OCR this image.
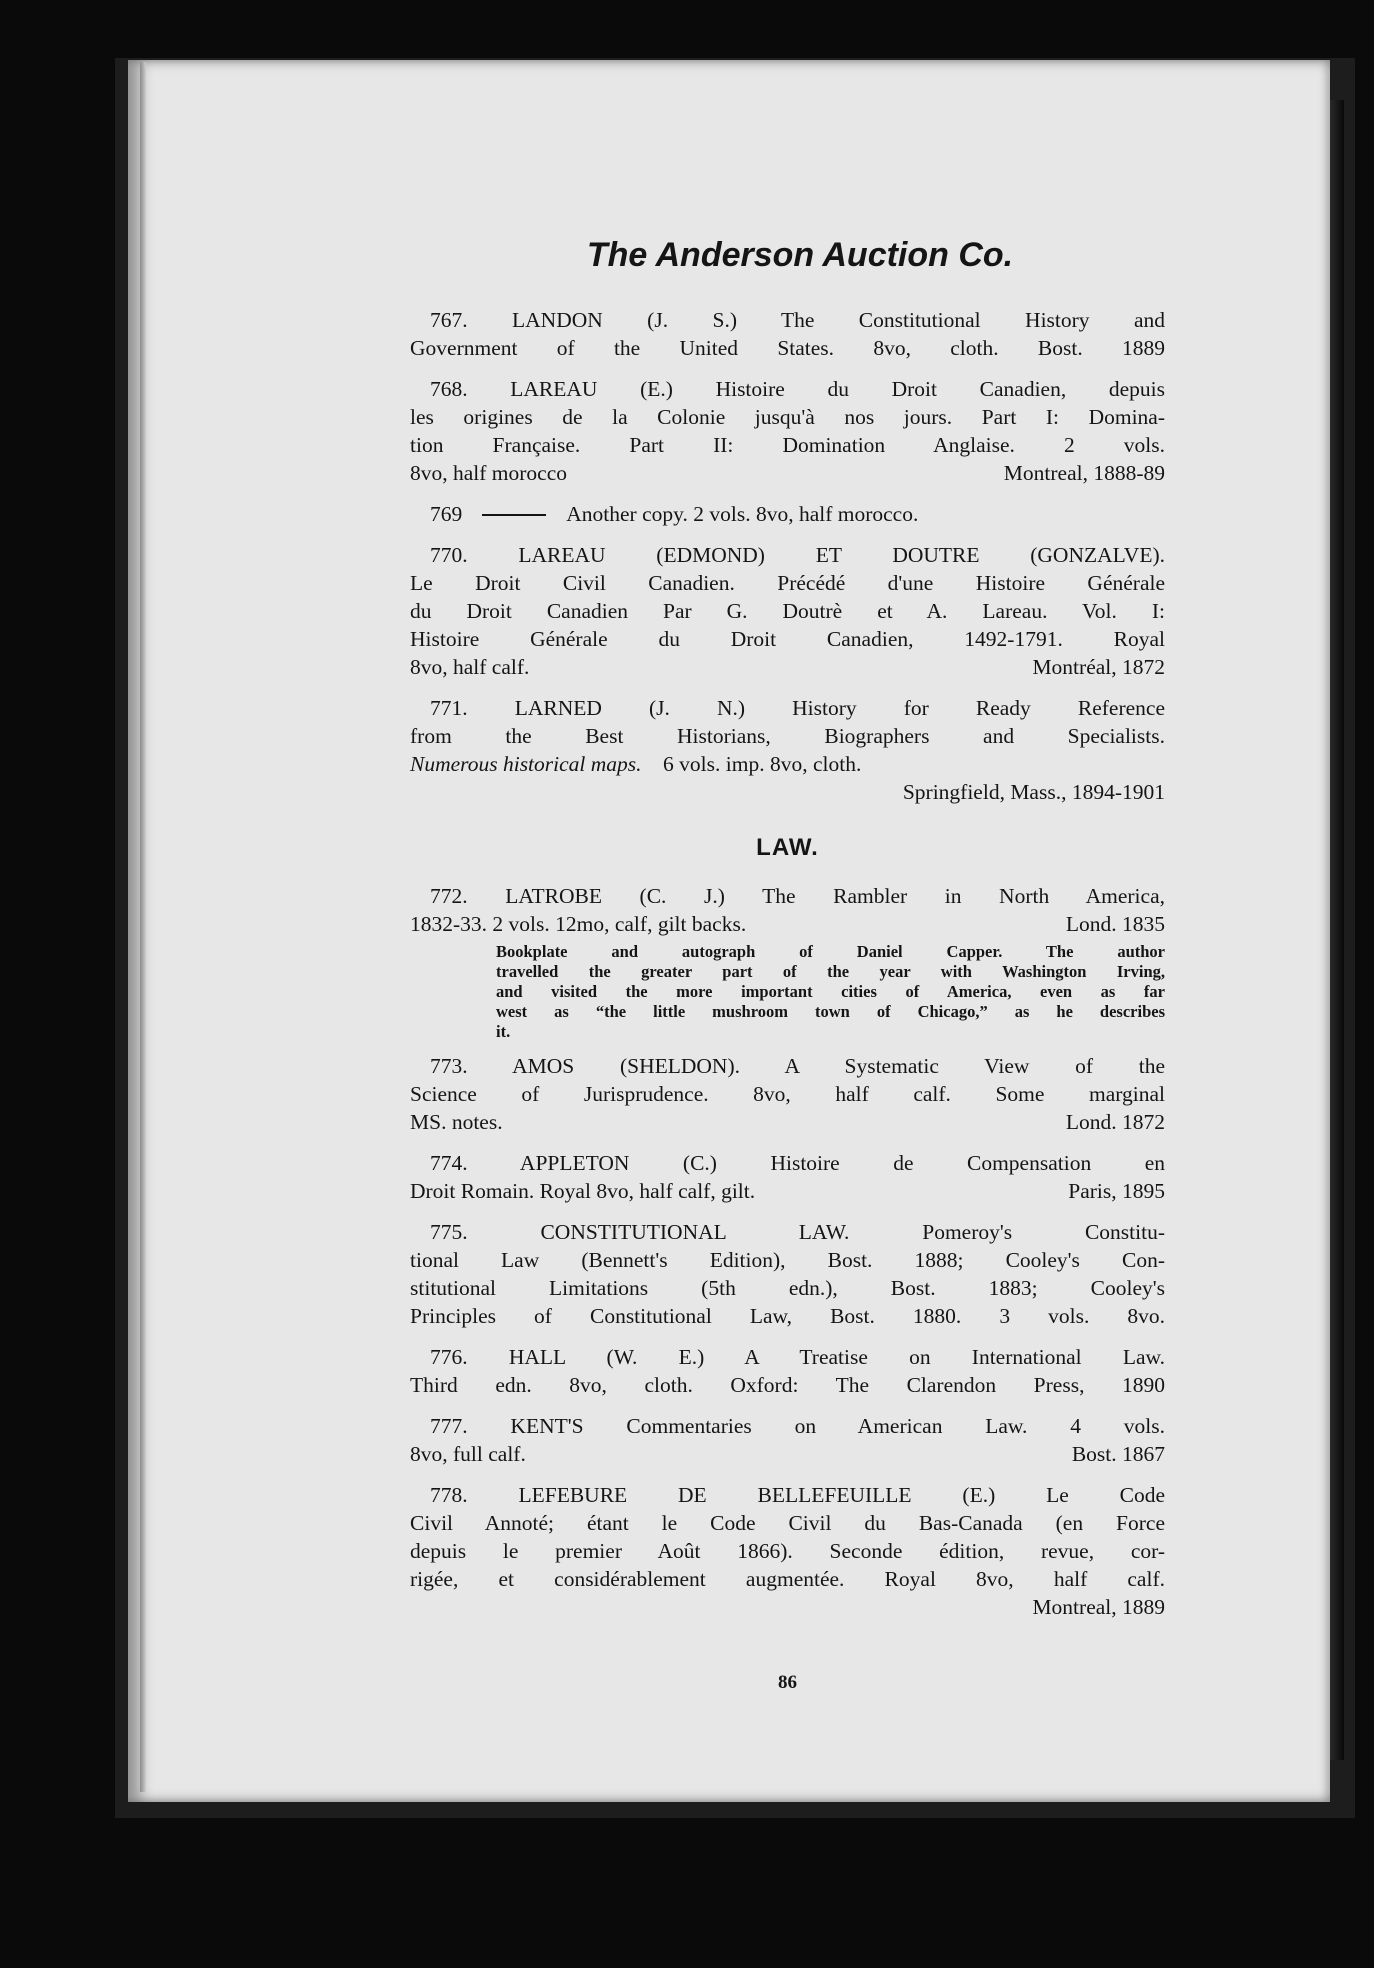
The Anderson Auction Co.
767. LANDON (J. S.) The Constitutional History and
Government of the United States. 8vo, cloth. Bost. 1889
768. LAREAU (E.) Histoire du Droit Canadien, depuis
les origines de la Colonie jusqu'à nos jours. Part I: Domina-
tion Française. Part II: Domination Anglaise. 2 vols.
8vo, half morocco	Montreal, 1888-89
769	Another copy. 2 vols. 8vo, half morocco.
770. LAREAU (EDMOND) ET DOUTRE (GONZALVE).
Le Droit Civil Canadien. Précédé d'une Histoire Générale
du Droit Canadien Par G. Doutrè et A. Lareau. Vol. I:
Histoire Générale du Droit Canadien, 1492-1791. Royal
8vo, half calf.	Montréal, 1872
771. LARNED (J. N.) History for Ready Reference
from the Best Historians, Biographers and Specialists.
Numerous historical maps. 6 vols. imp. 8vo, cloth.
Springfield, Mass., 1894-1901
LAW.
772. LATROBE (C. J.) The Rambler in North America,
1832-33. 2 vols. 12mo, calf, gilt backs.	Lond. 1835
Bookplate and autograph of Daniel Capper. The author
travelled the greater part of the year with Washington Irving,
and visited the more important cities of America, even as far
west as “the little mushroom town of Chicago,” as he describes
it.
773. AMOS (SHELDON). A Systematic View of the
Science of Jurisprudence. 8vo, half calf. Some marginal
MS. notes.	Lond. 1872
774. APPLETON (C.) Histoire de Compensation en
Droit Romain. Royal 8vo, half calf, gilt.	Paris, 1895
775. CONSTITUTIONAL LAW. Pomeroy's Constitu-
tional Law (Bennett's Edition), Bost. 1888; Cooley's Con-
stitutional Limitations (5th edn.), Bost. 1883; Cooley's
Principles of Constitutional Law, Bost. 1880. 3 vols. 8vo.
776. HALL (W. E.) A Treatise on International Law.
Third edn. 8vo, cloth. Oxford: The Clarendon Press, 1890
777. KENT'S Commentaries on American Law. 4 vols.
8vo, full calf.	Bost. 1867
778. LEFEBURE DE BELLEFEUILLE (E.) Le Code
Civil Annoté; étant le Code Civil du Bas-Canada (en Force
depuis le premier Août 1866). Seconde édition, revue, cor-
rigée, et considérablement augmentée. Royal 8vo, half calf.
Montreal, 1889
86
